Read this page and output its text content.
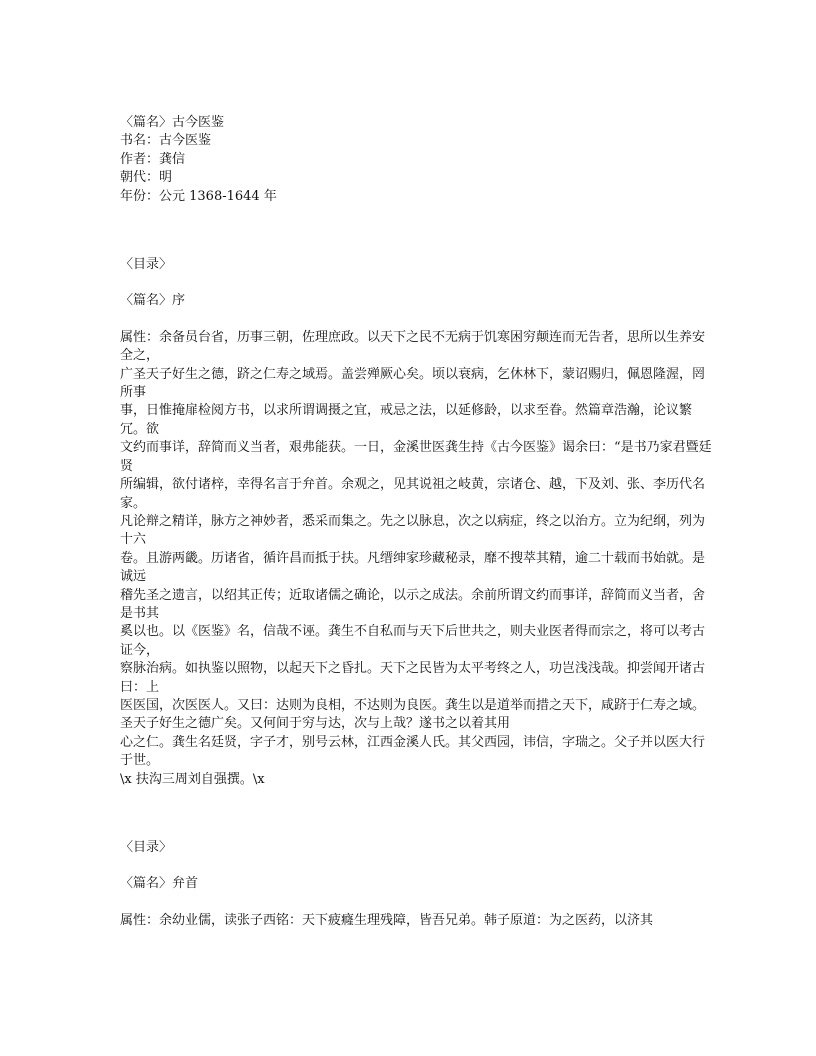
〈篇名〉古今医鉴

书名：古今医鉴

作者：龚信

朝代：明

年份：公元 1368-1644 年

〈目录〉

〈篇名〉序

属性：余备员台省，历事三朝，佐理庶政。以天下之民不无病于饥寒困穷颠连而无告者，思所以生养安全之，

广圣天子好生之德，跻之仁寿之域焉。盖尝殚厥心矣。顷以衰病，乞休林下，蒙诏赐归，佩恩隆渥，罔所事

事，日惟掩扉检阅方书，以求所谓调摄之宜，戒忌之法，以延修龄，以求至眷。然篇章浩瀚，论议繁冗。欲

文约而事详，辞简而义当者，艰弗能获。一日，金溪世医龚生持《古今医鉴》谒余曰：“是书乃家君暨廷贤

所编辑，欲付诸梓，幸得名言于弁首。余观之，见其说祖之岐黄，宗诸仓、越，下及刘、张、李历代名家。

凡论辩之精详，脉方之神妙者，悉采而集之。先之以脉息，次之以病症，终之以治方。立为纪纲，列为十六

卷。且游两畿。历诸省，循许昌而抵于扶。凡缙绅家珍藏秘录，靡不搜萃其精，逾二十载而书始就。是诚远

稽先圣之遗言，以绍其正传；近取诸儒之确论，以示之成法。余前所谓文约而事详，辞简而义当者，舍是书其

奚以也。以《医鉴》名，信哉不诬。龚生不自私而与天下后世共之，则夫业医者得而宗之，将可以考古证今，

察脉治病。如执鉴以照物，以起天下之昏扎。天下之民皆为太平考终之人，功岂浅浅哉。抑尝闻开诸古曰：上

医医国，次医医人。又曰：达则为良相，不达则为良医。龚生以是道举而措之天下，咸跻于仁寿之域。

圣天子好生之德广矣。又何间于穷与达，次与上哉？遂书之以着其用

心之仁。龚生名廷贤，字子才，别号云林，江西金溪人氏。其父西园，讳信，字瑞之。父子并以医大行于世。

\x 扶沟三周刘自强撰。\x

〈目录〉

〈篇名〉弁首

属性：余幼业儒，读张子西铭：天下疲癃生理残障，皆吾兄弟。韩子原道：为之医药，以济其
